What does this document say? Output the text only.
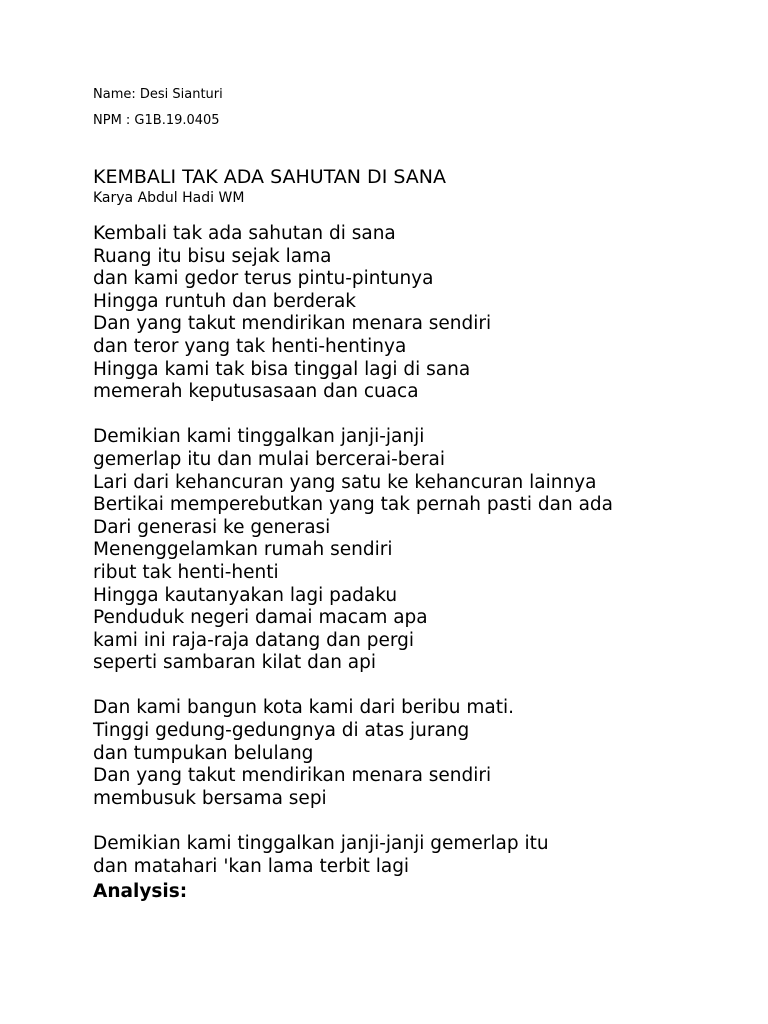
Name: Desi Sianturi
NPM : G1B.19.0405
KEMBALI TAK ADA SAHUTAN DI SANA
Karya Abdul Hadi WM
Kembali tak ada sahutan di sana
Ruang itu bisu sejak lama
dan kami gedor terus pintu-pintunya
Hingga runtuh dan berderak
Dan yang takut mendirikan menara sendiri
dan teror yang tak henti-hentinya
Hingga kami tak bisa tinggal lagi di sana
memerah keputusasaan dan cuaca
Demikian kami tinggalkan janji-janji
gemerlap itu dan mulai bercerai-berai
Lari dari kehancuran yang satu ke kehancuran lainnya
Bertikai memperebutkan yang tak pernah pasti dan ada
Dari generasi ke generasi
Menenggelamkan rumah sendiri
ribut tak henti-henti
Hingga kautanyakan lagi padaku
Penduduk negeri damai macam apa
kami ini raja-raja datang dan pergi
seperti sambaran kilat dan api
Dan kami bangun kota kami dari beribu mati.
Tinggi gedung-gedungnya di atas jurang
dan tumpukan belulang
Dan yang takut mendirikan menara sendiri
membusuk bersama sepi
Demikian kami tinggalkan janji-janji gemerlap itu
dan matahari 'kan lama terbit lagi
Analysis:
